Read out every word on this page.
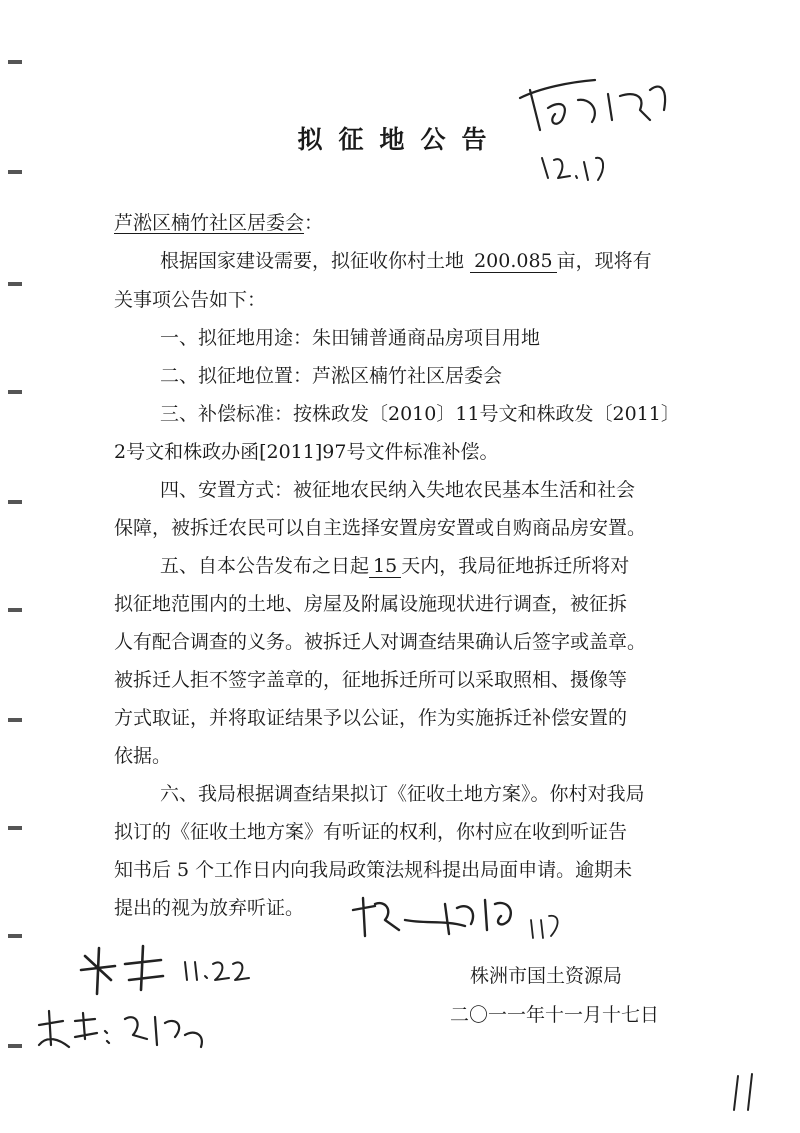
拟征地公告
芦淞区楠竹社区居委会：
根据国家建设需要，拟征收你村土地 200.085 亩，现将有
关事项公告如下：
一、拟征地用途：朱田铺普通商品房项目用地
二、拟征地位置：芦淞区楠竹社区居委会
三、补偿标准：按株政发〔2010〕11号文和株政发〔2011〕
2号文和株政办函[2011]97号文件标准补偿。
四、安置方式：被征地农民纳入失地农民基本生活和社会
保障，被拆迁农民可以自主选择安置房安置或自购商品房安置。
五、自本公告发布之日起 15 天内，我局征地拆迁所将对
拟征地范围内的土地、房屋及附属设施现状进行调查，被征拆
人有配合调查的义务。被拆迁人对调查结果确认后签字或盖章。
被拆迁人拒不签字盖章的，征地拆迁所可以采取照相、摄像等
方式取证，并将取证结果予以公证，作为实施拆迁补偿安置的
依据。
六、我局根据调查结果拟订《征收土地方案》。你村对我局
拟订的《征收土地方案》有听证的权利，你村应在收到听证告
知书后 5 个工作日内向我局政策法规科提出局面申请。逾期未
提出的视为放弃听证。
株洲市国土资源局
二〇一一年十一月十七日
